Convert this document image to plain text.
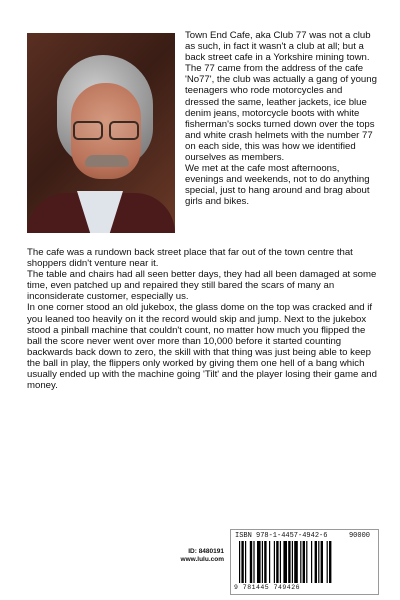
Town End Cafe, aka Club 77 was not a club as such, in fact it wasn't a club at all; but a back street cafe in a Yorkshire mining town.

The 77 came from the address of the cafe 'No77', the club was actually a gang of young teenagers who rode motorcycles and dressed the same, leather jackets, ice blue denim jeans, motorcycle boots with white fisherman's socks turned down over the tops and white crash helmets with the number 77 on each side, this was how we identified ourselves as members.

We met at the cafe most afternoons, evenings and weekends, not to do anything special, just to hang around and brag about girls and bikes.

The cafe was a rundown back street place that far out of the town centre that shoppers didn't venture near it.

The table and chairs had all seen better days, they had all been damaged at some time, even patched up and repaired they still bared the scars of many an inconsiderate customer, especially us.

In one corner stood an old jukebox, the glass dome on the top was cracked and if you leaned too heavily on it the record would skip and jump. Next to the jukebox stood a pinball machine that couldn't count, no matter how much you flipped the ball the score never went over more than 10,000 before it started counting backwards back down to zero, the skill with that thing was just being able to keep the ball in play, the flippers only worked by giving them one hell of a bang which usually ended up with the machine going 'Tilt' and the player losing their game and money.

ID: 8480191
www.lulu.com
ISBN 978-1-4457-4942-6	90000
9 781445 749426
